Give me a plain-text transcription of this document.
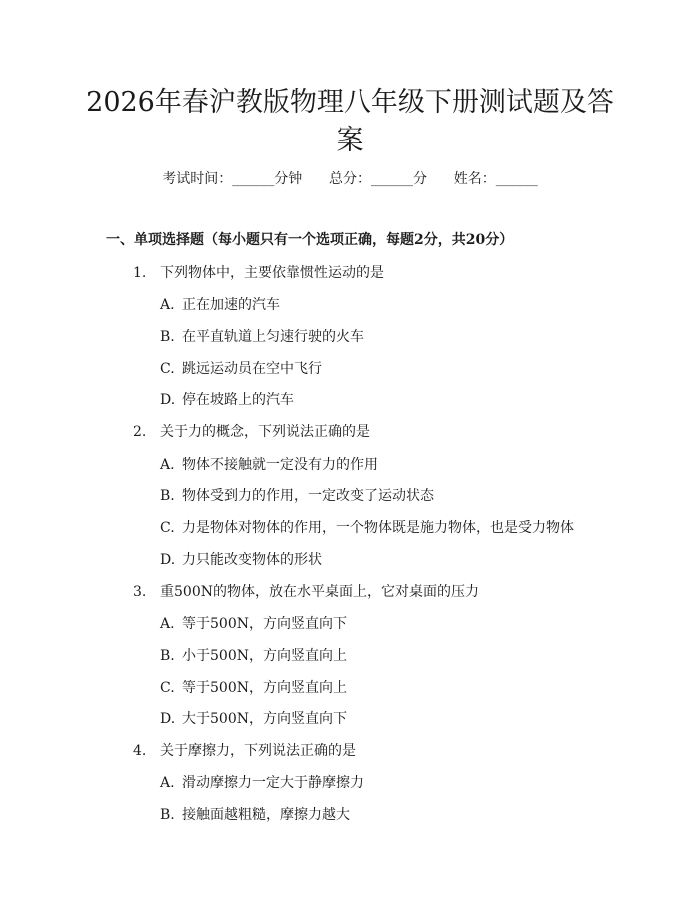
2026年春沪教版物理八年级下册测试题及答案
考试时间：______分钟      总分：______分      姓名：______
一、单项选择题（每小题只有一个选项正确，每题2分，共20分）
1. 下列物体中，主要依靠惯性运动的是
A. 正在加速的汽车
B. 在平直轨道上匀速行驶的火车
C. 跳远运动员在空中飞行
D. 停在坡路上的汽车
2. 关于力的概念，下列说法正确的是
A. 物体不接触就一定没有力的作用
B. 物体受到力的作用，一定改变了运动状态
C. 力是物体对物体的作用，一个物体既是施力物体，也是受力物体
D. 力只能改变物体的形状
3. 重500N的物体，放在水平桌面上，它对桌面的压力
A. 等于500N，方向竖直向下
B. 小于500N，方向竖直向上
C. 等于500N，方向竖直向上
D. 大于500N，方向竖直向下
4. 关于摩擦力，下列说法正确的是
A. 滑动摩擦力一定大于静摩擦力
B. 接触面越粗糙，摩擦力越大
